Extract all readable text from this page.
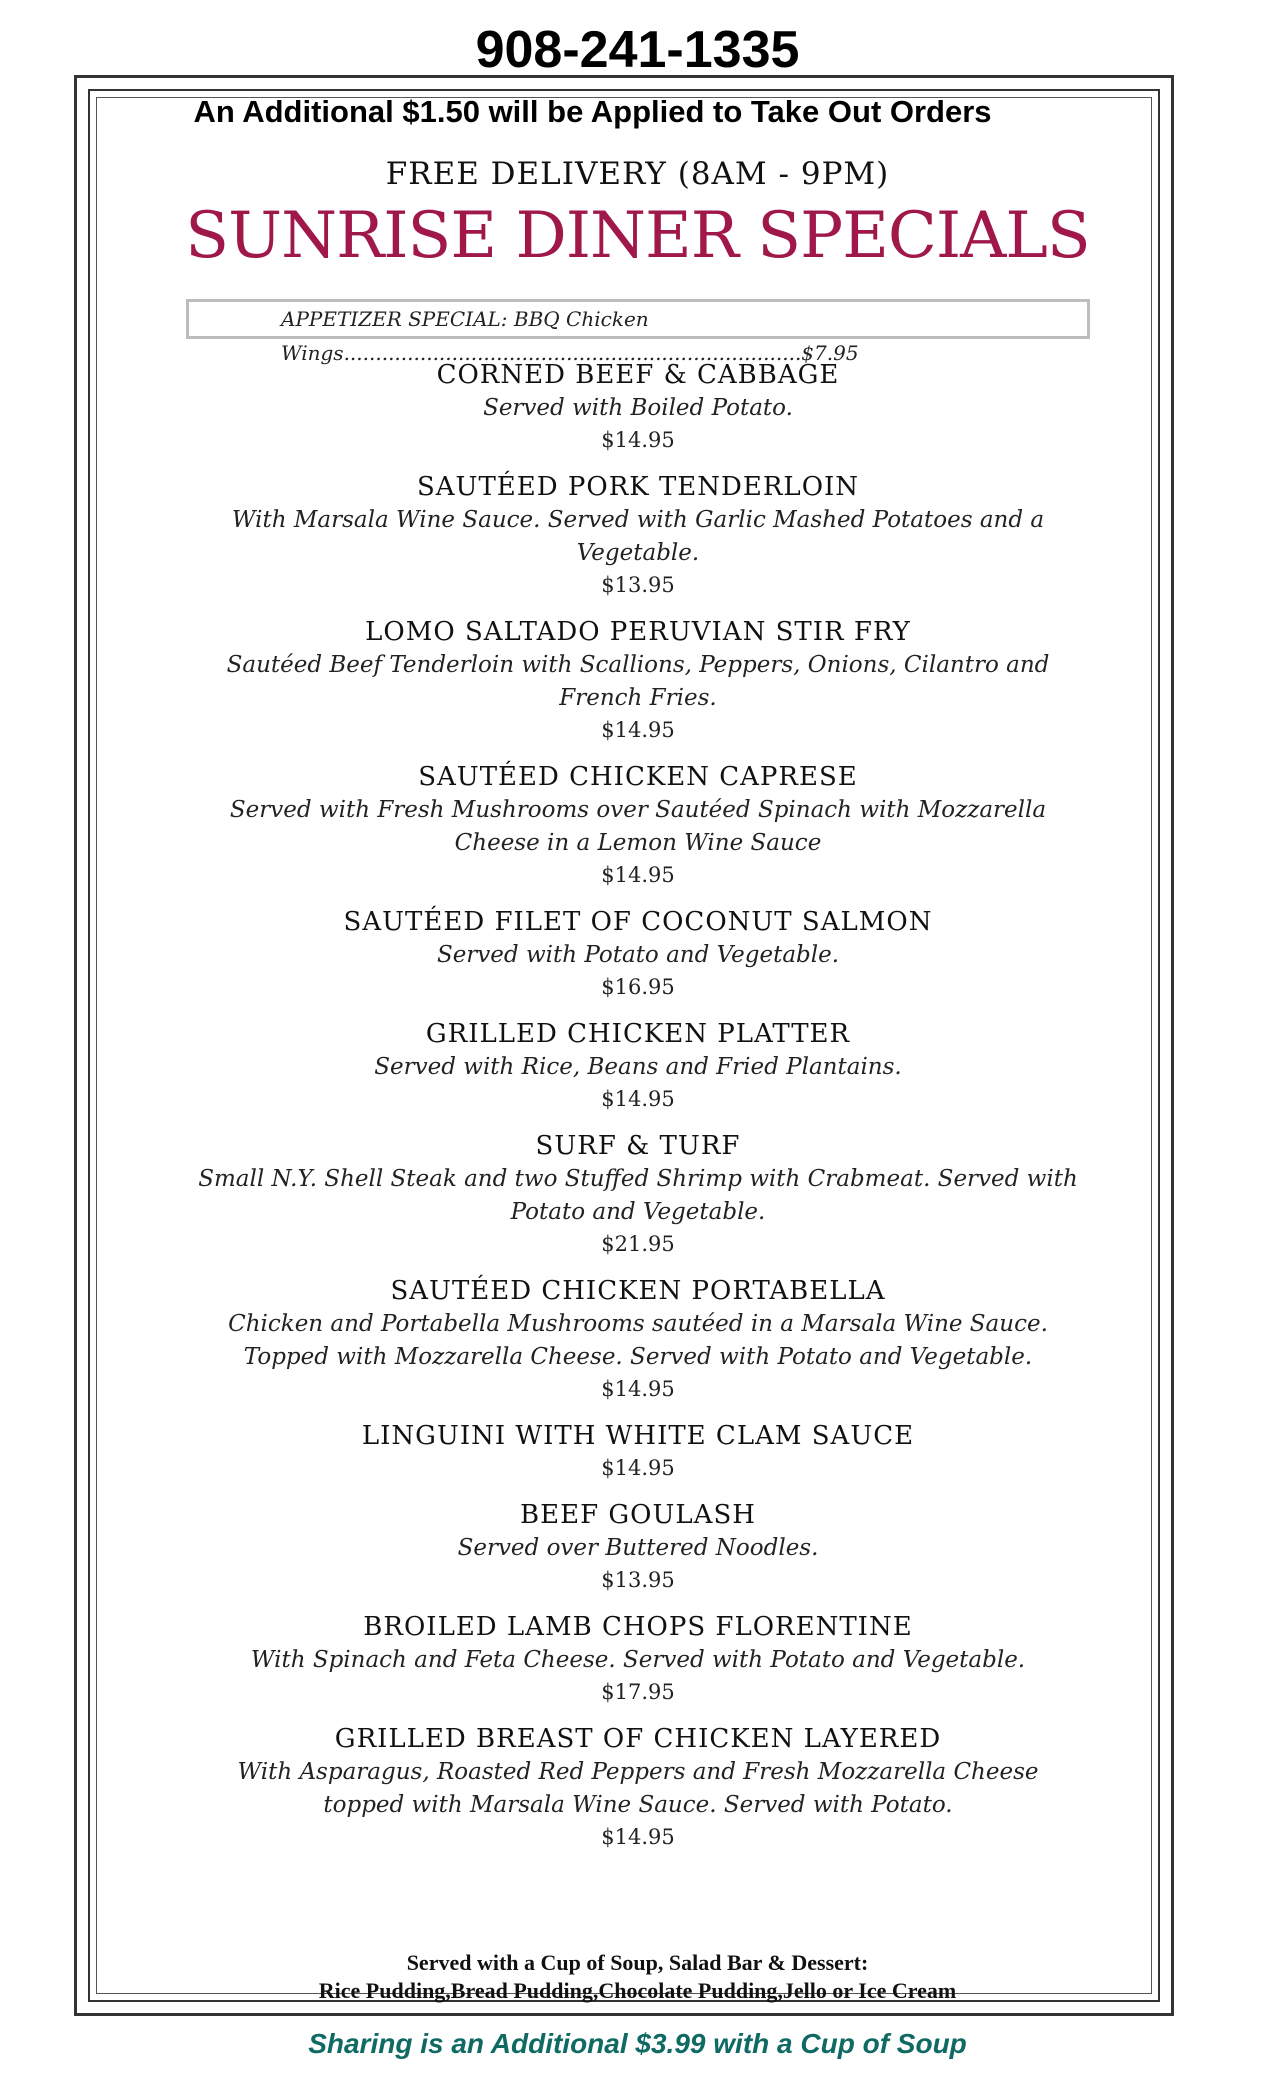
908-241-1335
An Additional $1.50 will be Applied to Take Out Orders
FREE DELIVERY (8AM - 9PM)
SUNRISE DINER SPECIALS
APPETIZER SPECIAL: BBQ Chicken Wings........................................................................$7.95
CORNED BEEF & CABBAGE
Served with Boiled Potato.
$14.95
SAUTÉED PORK TENDERLOIN
With Marsala Wine Sauce. Served with Garlic Mashed Potatoes and a Vegetable.
$13.95
LOMO SALTADO PERUVIAN STIR FRY
Sautéed Beef Tenderloin with Scallions, Peppers, Onions, Cilantro and French Fries.
$14.95
SAUTÉED CHICKEN CAPRESE
Served with Fresh Mushrooms over Sautéed Spinach with Mozzarella Cheese in a Lemon Wine Sauce
$14.95
SAUTÉED FILET OF COCONUT SALMON
Served with Potato and Vegetable.
$16.95
GRILLED CHICKEN PLATTER
Served with Rice, Beans and Fried Plantains.
$14.95
SURF & TURF
Small N.Y. Shell Steak and two Stuffed Shrimp with Crabmeat. Served with Potato and Vegetable.
$21.95
SAUTÉED CHICKEN PORTABELLA
Chicken and Portabella Mushrooms sautéed in a Marsala Wine Sauce. Topped with Mozzarella Cheese. Served with Potato and Vegetable.
$14.95
LINGUINI WITH WHITE CLAM SAUCE
$14.95
BEEF GOULASH
Served over Buttered Noodles.
$13.95
BROILED LAMB CHOPS FLORENTINE
With Spinach and Feta Cheese. Served with Potato and Vegetable.
$17.95
GRILLED BREAST OF CHICKEN LAYERED
With Asparagus, Roasted Red Peppers and Fresh Mozzarella Cheese topped with Marsala Wine Sauce. Served with Potato.
$14.95
Served with a Cup of Soup, Salad Bar & Dessert:
Rice Pudding,Bread Pudding,Chocolate Pudding,Jello or Ice Cream
Sharing is an Additional $3.99 with a Cup of Soup
